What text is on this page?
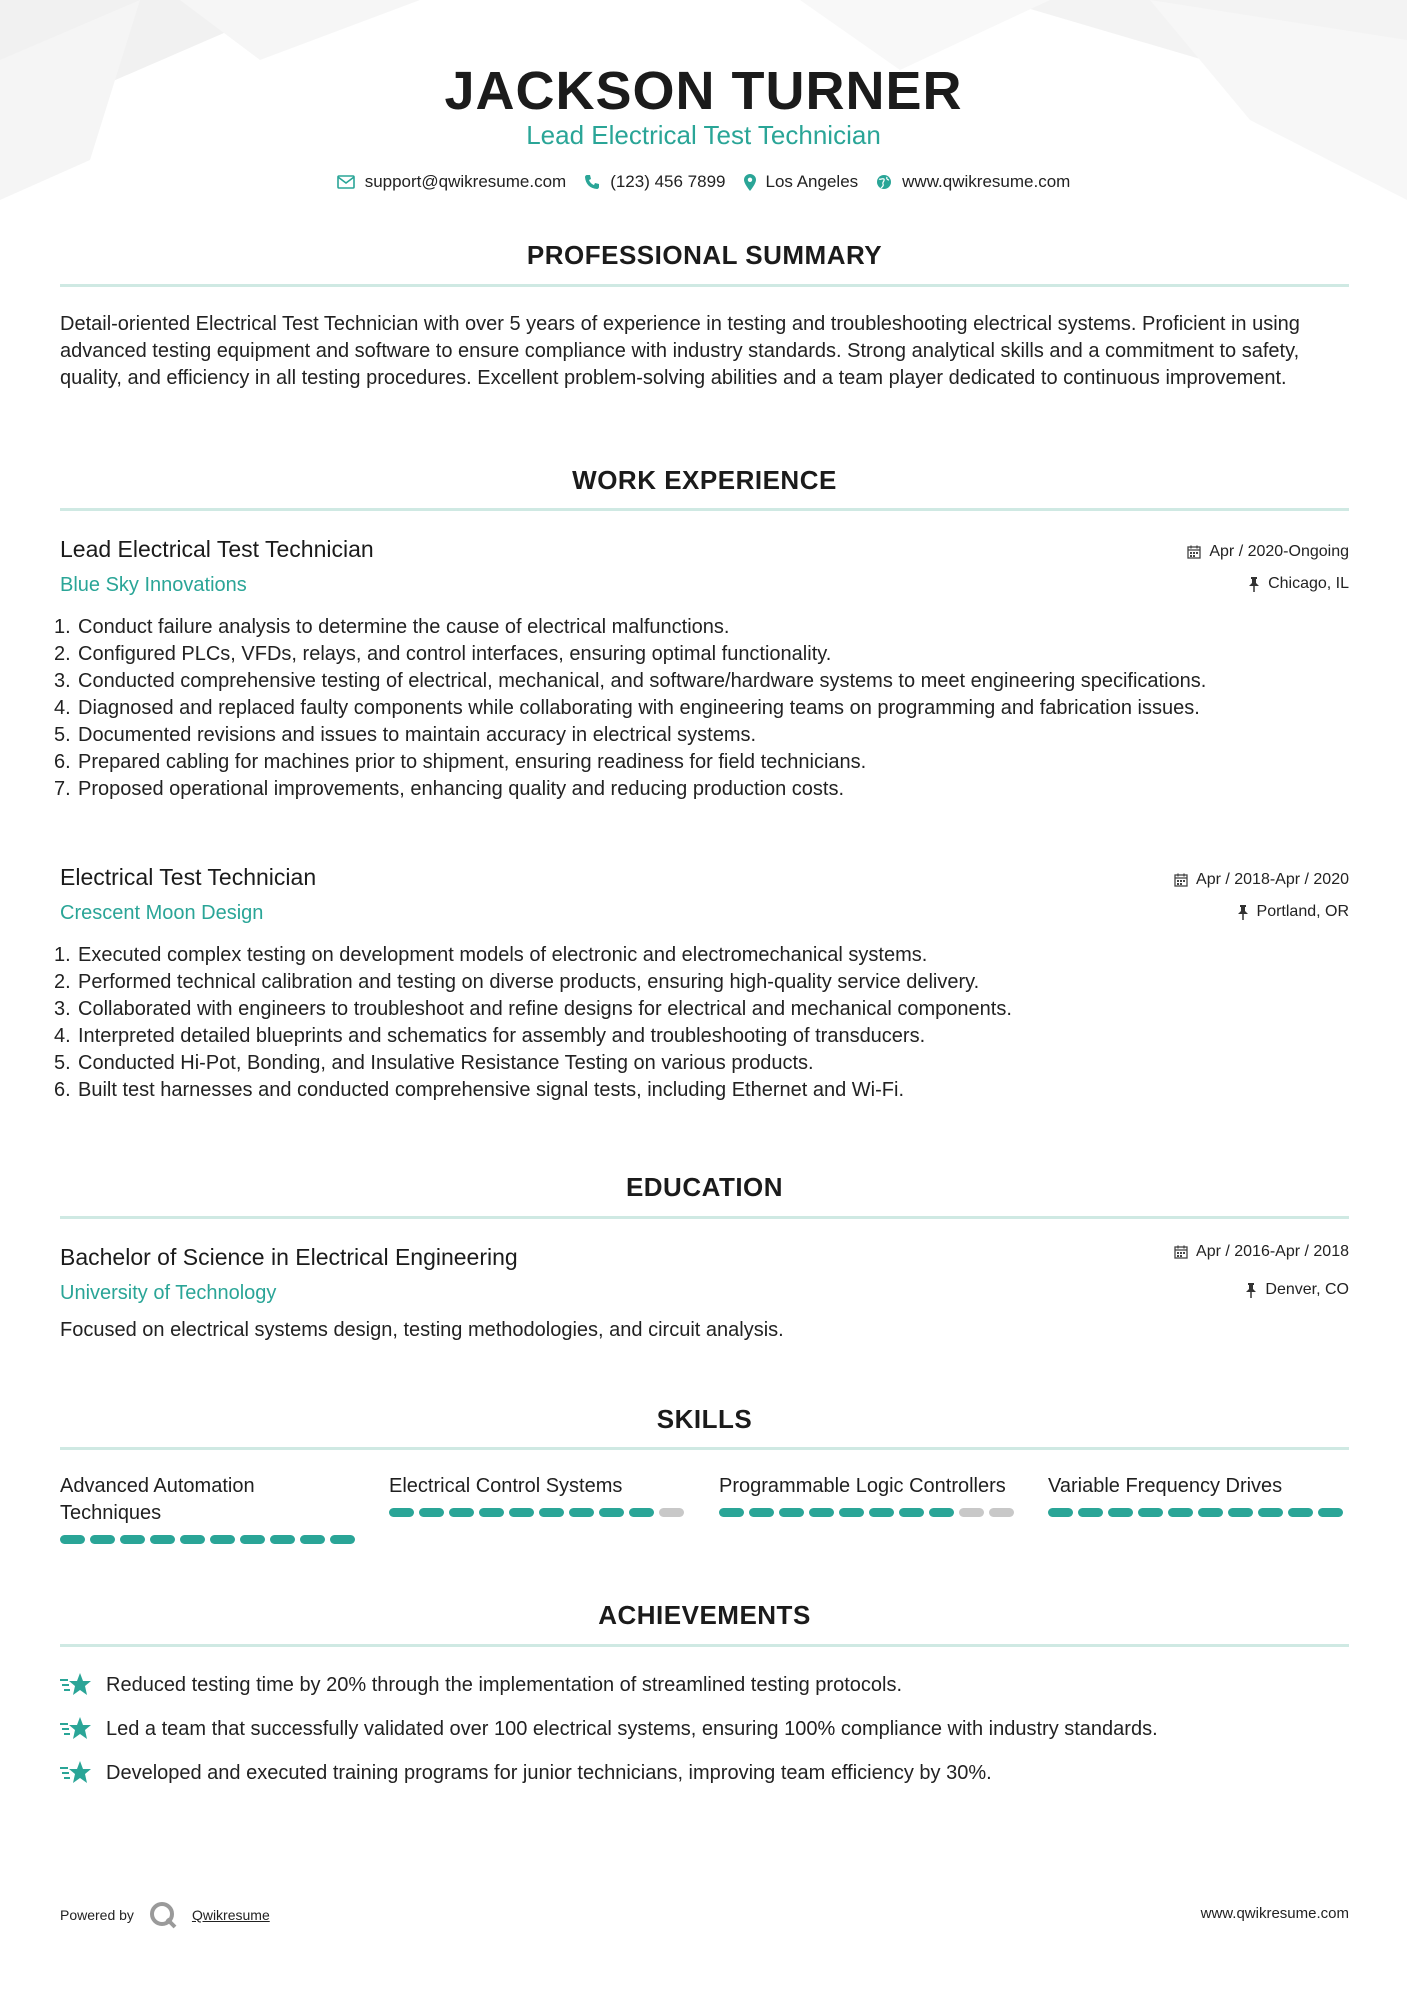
JACKSON TURNER
Lead Electrical Test Technician
support@qwikresume.com	(123) 456 7899 Los Angeles	www.qwikresume.com
PROFESSIONAL SUMMARY
Detail-oriented Electrical Test Technician with over 5 years of experience in testing and troubleshooting electrical systems. Proficient in using advanced testing equipment and software to ensure compliance with industry standards. Strong analytical skills and a commitment to safety, quality, and efficiency in all testing procedures. Excellent problem-solving abilities and a team player dedicated to continuous improvement.
WORK EXPERIENCE
Lead Electrical Test Technician	Apr / 2020-Ongoing
Blue Sky Innovations	Chicago, IL
Conduct failure analysis to determine the cause of electrical malfunctions.
Configured PLCs, VFDs, relays, and control interfaces, ensuring optimal functionality.
Conducted comprehensive testing of electrical, mechanical, and software/hardware systems to meet engineering specifications.
Diagnosed and replaced faulty components while collaborating with engineering teams on programming and fabrication issues.
Documented revisions and issues to maintain accuracy in electrical systems.
Prepared cabling for machines prior to shipment, ensuring readiness for field technicians.
Proposed operational improvements, enhancing quality and reducing production costs.
Electrical Test Technician	Apr / 2018-Apr / 2020
Crescent Moon Design	Portland, OR
Executed complex testing on development models of electronic and electromechanical systems.
Performed technical calibration and testing on diverse products, ensuring high-quality service delivery.
Collaborated with engineers to troubleshoot and refine designs for electrical and mechanical components.
Interpreted detailed blueprints and schematics for assembly and troubleshooting of transducers.
Conducted Hi-Pot, Bonding, and Insulative Resistance Testing on various products.
Built test harnesses and conducted comprehensive signal tests, including Ethernet and Wi-Fi.
EDUCATION
Bachelor of Science in Electrical Engineering	Apr / 2016-Apr / 2018
University of Technology	Denver, CO
Focused on electrical systems design, testing methodologies, and circuit analysis.
SKILLS
Advanced Automation Techniques
Electrical Control Systems	Programmable Logic Controllers	Variable Frequency Drives
ACHIEVEMENTS
Reduced testing time by 20% through the implementation of streamlined testing protocols.
Led a team that successfully validated over 100 electrical systems, ensuring 100% compliance with industry standards.
Developed and executed training programs for junior technicians, improving team efficiency by 30%.
Powered by	Qwikresume	www.qwikresume.com
